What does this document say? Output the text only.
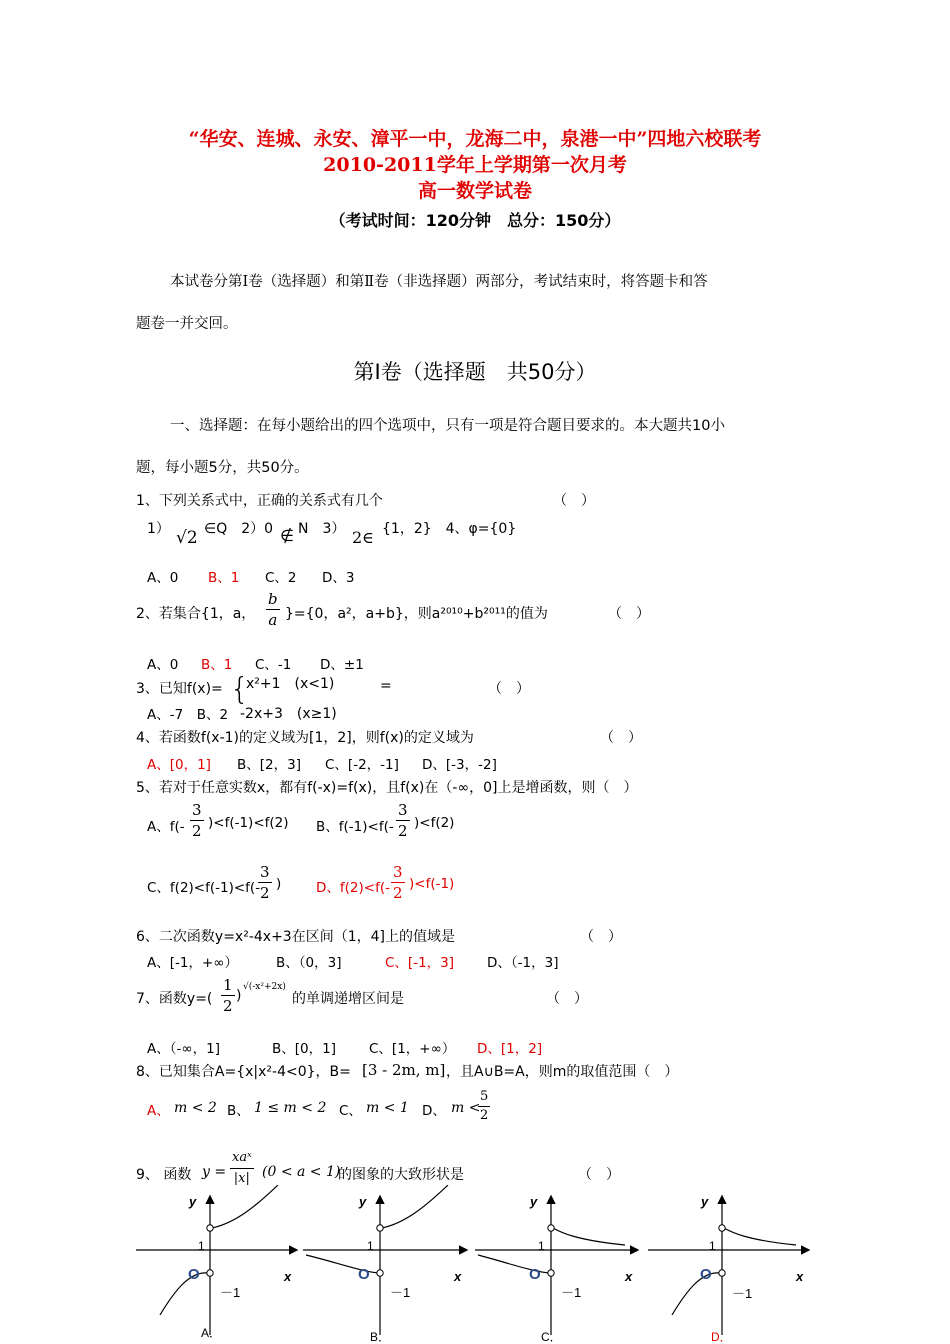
“华安、连城、永安、漳平一中，龙海二中，泉港一中”四地六校联考
2010-2011学年上学期第一次月考
高一数学试卷
（考试时间：120分钟　总分：150分）
本试卷分第Ⅰ卷（选择题）和第Ⅱ卷（非选择题）两部分，考试结束时，将答题卡和答
题卷一并交回。
第Ⅰ卷（选择题　共50分）
一、选择题：在每小题给出的四个选项中，只有一项是符合题目要求的。本大题共10小
题，每小题5分，共50分。
1、下列关系式中，正确的关系式有几个	（　）
1） √2 ∈Q　2）0 ∉ N　3） 2∈ {1，2}　4、φ={0}
A、0 B、1 C、2 D、3
2、若集合{1，a， $\frac{b}{a} \}=\{0$，a²，a+b}，则a²⁰¹⁰+b²⁰¹¹的值为	（　）
A、0 B、1 C、-1 D、±1
3、已知f(x)= {
x²+1　(x<1)	=	（　）
A、-7　B、2 -2x+3　(x≥1)
4、若函数f(x-1)的定义域为[1，2]，则f(x)的定义域为	（　）
A、[0，1] B、[2，3] C、[-2，-1] D、[-3，-2]
5、若对于任意实数x，都有f(-x)=f(x)，且f(x)在（-∞，0]上是增函数，则（　）
A、$f(- \frac{3}{2} )<f(-1)<f(2)$ B、$f(-1)<f(- \frac{3}{2} )<f(2)$
C、f(2)<f(-1)<f(-
$\frac{3}{2}$ )	D、$f(2)<f(- \frac{3}{2} )<f(-1)$
6、二次函数y=x²-4x+3在区间（1，4]上的值域是	（　）
A、[-1，+∞）	B、（0，3]	C、[-1，3] D、（-1，3]
7、函数$y=( \frac{1}{2}$ )
√(-x²+2x)
的单调递增区间是	（　）
A、（-∞，1]	B、[0，1] C、[1，+∞） D、[1，2]
8、已知集合A={x|x²-4<0}，B= [3 - 2m, m] ，且A∪B=A，则m的取值范围（　）
A、 m < 2 B、 1 ≤ m < 2 C、 m < 1 D、 m <
$\frac{5}{2}$
9、 函数 y =
xaˣ
|x| (0 < a < 1)
的图象的大致形状是	（　）
y
x
1
O
－1
A．
y
x
1
O
－1
B．
y
x
1
O
－1
C．
y
x
1
O
－1
D．
